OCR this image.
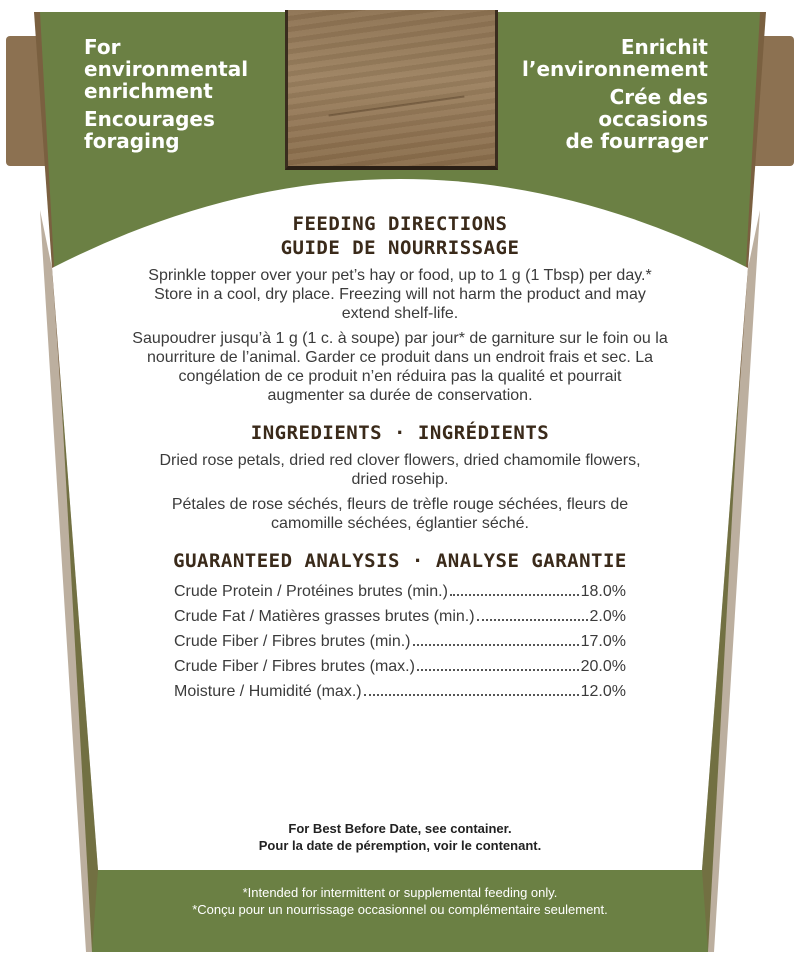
For
environmental
enrichment

Encourages
foraging

Enrichit
l’environnement

Crée des
occasions
de fourrager

FEEDING DIRECTIONS
GUIDE DE NOURRISSAGE

Sprinkle topper over your pet’s hay or food, up to 1 g (1 Tbsp) per day.*
Store in a cool, dry place. Freezing will not harm the product and may
extend shelf-life.

Saupoudrer jusqu’à 1 g (1 c. à soupe) par jour* de garniture sur le foin ou la
nourriture de l’animal. Garder ce produit dans un endroit frais et sec. La
congélation de ce produit n’en réduira pas la qualité et pourrait
augmenter sa durée de conservation.

INGREDIENTS · INGRÉDIENTS

Dried rose petals, dried red clover flowers, dried chamomile flowers,
dried rosehip.

Pétales de rose séchés, fleurs de trèfle rouge séchées, fleurs de
camomille séchées, églantier séché.

GUARANTEED ANALYSIS · ANALYSE GARANTIE
Crude Protein / Protéines brutes (min.)	18.0%
Crude Fat / Matières grasses brutes (min.)	2.0%
Crude Fiber / Fibres brutes (min.)	17.0%
Crude Fiber / Fibres brutes (max.)	20.0%
Moisture / Humidité (max.)	12.0%
For Best Before Date, see container.
Pour la date de péremption, voir le contenant.
*Intended for intermittent or supplemental feeding only.
*Conçu pour un nourrissage occasionnel ou complémentaire seulement.
